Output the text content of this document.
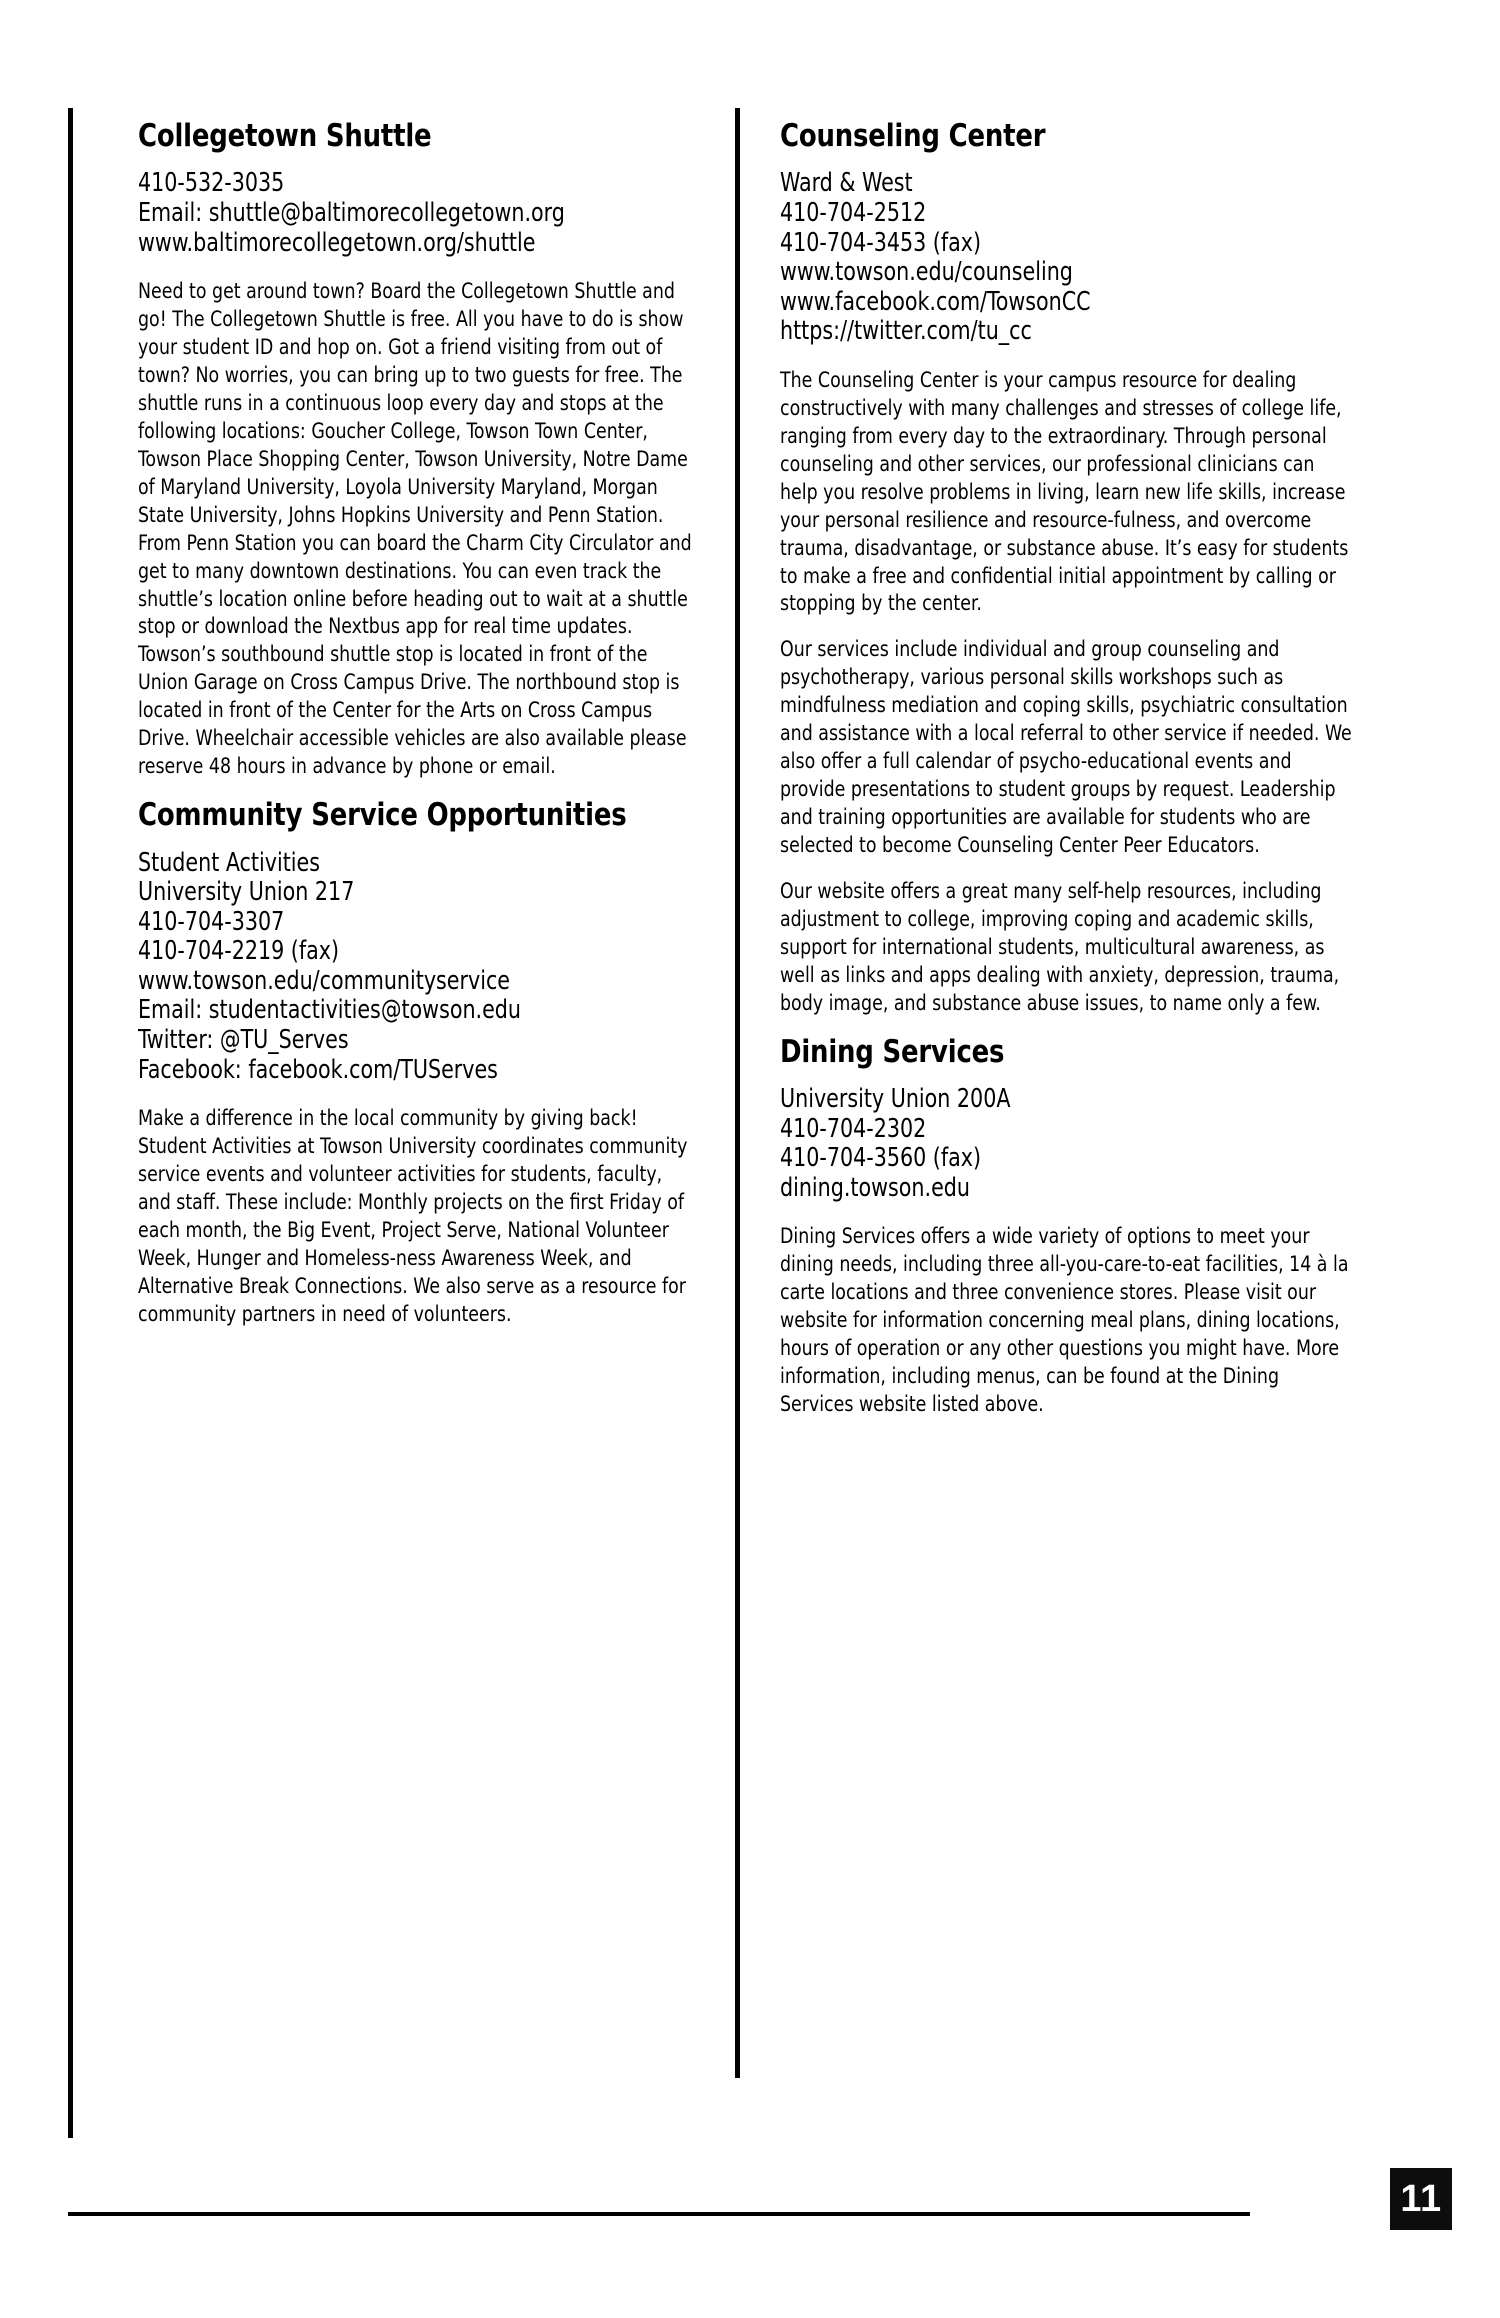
11
Collegetown Shuttle
410-532-3035
Email: shuttle@baltimorecollegetown.org
www.baltimorecollegetown.org/shuttle

Need to get around town? Board the Collegetown Shuttle and go! The Collegetown Shuttle is free. All you have to do is show your student ID and hop on. Got a friend visiting from out of town? No worries, you can bring up to two guests for free. The shuttle runs in a continuous loop every day and stops at the following locations: Goucher College, Towson Town Center, Towson Place Shopping Center, Towson University, Notre Dame of Maryland University, Loyola University Maryland, Morgan State University, Johns Hopkins University and Penn Station. From Penn Station you can board the Charm City Circulator and get to many downtown destinations. You can even track the shuttle’s location online before heading out to wait at a shuttle stop or download the Nextbus app for real time updates. Towson’s southbound shuttle stop is located in front of the Union Garage on Cross Campus Drive. The northbound stop is located in front of the Center for the Arts on Cross Campus Drive. Wheelchair accessible vehicles are also available please reserve 48 hours in advance by phone or email.

Community Service Opportunities
Student Activities
University Union 217
410-704-3307
410-704-2219 (fax)
www.towson.edu/communityservice
Email: studentactivities@towson.edu
Twitter: @TU_Serves
Facebook: facebook.com/TUServes

Make a difference in the local community by giving back! Student Activities at Towson University coordinates community service events and volunteer activities for students, faculty, and staff. These include: Monthly projects on the first Friday of each month, the Big Event, Project Serve, National Volunteer Week, Hunger and Homeless-ness Awareness Week, and Alternative Break Connections. We also serve as a resource for community partners in need of volunteers.

Counseling Center
Ward & West
410-704-2512
410-704-3453 (fax)
www.towson.edu/counseling
www.facebook.com/TowsonCC
https://twitter.com/tu_cc

The Counseling Center is your campus resource for dealing constructively with many challenges and stresses of college life, ranging from every day to the extraordinary. Through personal counseling and other services, our professional clinicians can help you resolve problems in living, learn new life skills, increase your personal resilience and resource-fulness, and overcome trauma, disadvantage, or substance abuse. It’s easy for students to make a free and confidential initial appointment by calling or stopping by the center.

Our services include individual and group counseling and psychotherapy, various personal skills workshops such as mindfulness mediation and coping skills, psychiatric consultation and assistance with a local referral to other service if needed. We also offer a full calendar of psycho-educational events and provide presentations to student groups by request. Leadership and training opportunities are available for students who are selected to become Counseling Center Peer Educators.

Our website offers a great many self-help resources, including adjustment to college, improving coping and academic skills, support for international students, multicultural awareness, as well as links and apps dealing with anxiety, depression, trauma, body image, and substance abuse issues, to name only a few.

Dining Services
University Union 200A
410-704-2302
410-704-3560 (fax)
dining.towson.edu

Dining Services offers a wide variety of options to meet your dining needs, including three all-you-care-to-eat facilities, 14 à la carte locations and three convenience stores. Please visit our website for information concerning meal plans, dining locations, hours of operation or any other questions you might have. More information, including menus, can be found at the Dining Services website listed above.
